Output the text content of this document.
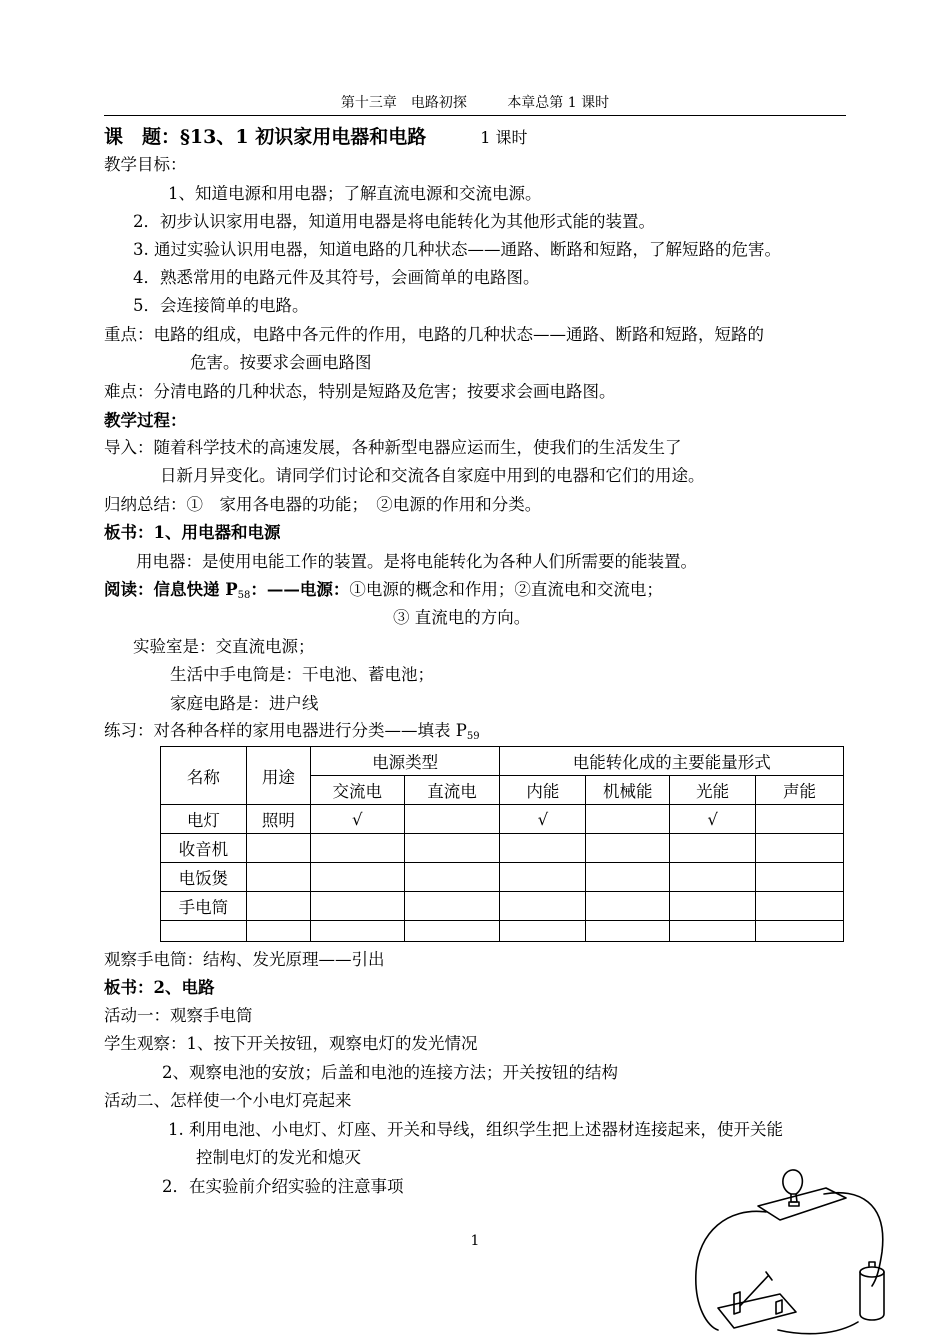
第十三章　电路初探	本章总第 1 课时
课　题：§13、1 初识家用电器和电路	1 课时
教学目标：
1、知道电源和用电器；了解直流电源和交流电源。
2．初步认识家用电器，知道用电器是将电能转化为其他形式能的装置。
3. 通过实验认识用电器，知道电路的几种状态——通路、断路和短路，了解短路的危害。
4．熟悉常用的电路元件及其符号，会画简单的电路图。
5．会连接简单的电路。
重点：电路的组成，电路中各元件的作用，电路的几种状态——通路、断路和短路，短路的
危害。按要求会画电路图
难点：分清电路的几种状态，特别是短路及危害；按要求会画电路图。
教学过程：
导入：随着科学技术的高速发展，各种新型电器应运而生，使我们的生活发生了
日新月异变化。请同学们讨论和交流各自家庭中用到的电器和它们的用途。
归纳总结：①　家用各电器的功能；　②电源的作用和分类。
板书：1、用电器和电源
用电器：是使用电能工作的装置。是将电能转化为各种人们所需要的能装置。
阅读：信息快递 $P_{58}$：——电源：①电源的概念和作用；②直流电和交流电；
③ 直流电的方向。
实验室是：交直流电源；
生活中手电筒是：干电池、蓄电池；
家庭电路是：进户线
练习：对各种各样的家用电器进行分类——填表 $P_{59}$
名称	用途	电源类型		电能转化成的主要能量形式			
		交流电	直流电	内能	机械能	光能	声能
电灯	照明	√		√		√	
收音机							
电饭煲							
手电筒							

观察手电筒：结构、发光原理——引出
板书：2、电路
活动一：观察手电筒
学生观察：1、按下开关按钮，观察电灯的发光情况
2、观察电池的安放；后盖和电池的连接方法；开关按钮的结构
活动二、怎样使一个小电灯亮起来
1. 利用电池、小电灯、灯座、开关和导线，组织学生把上述器材连接起来，使开关能
控制电灯的发光和熄灭
2．在实验前介绍实验的注意事项
1
